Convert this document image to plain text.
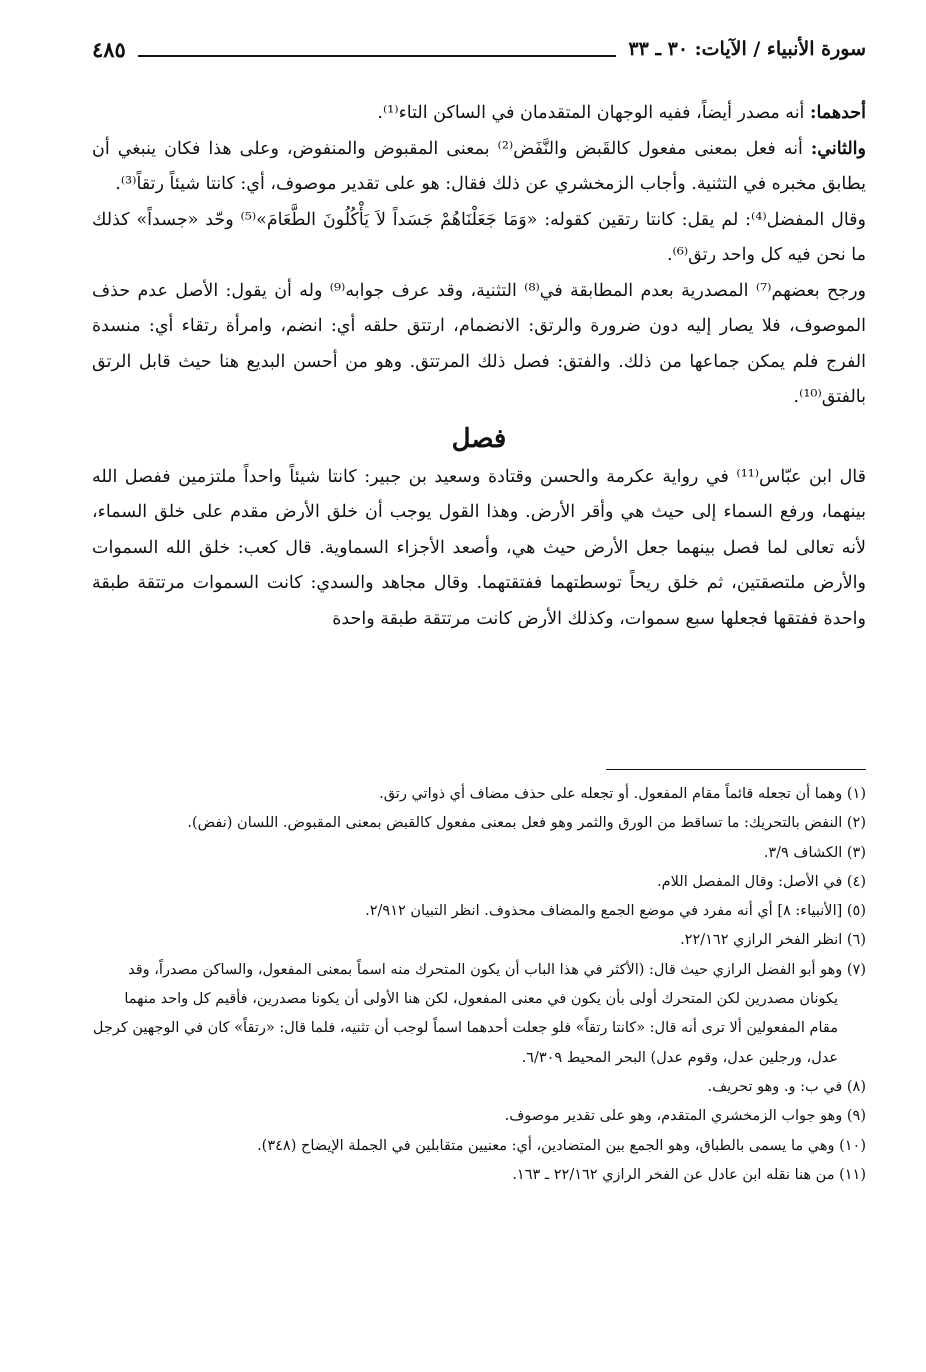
سورة الأنبياء / الآيات: ٣٠ ـ ٣٣
٤٨٥

أحدهما: أنه مصدر أيضاً، ففيه الوجهان المتقدمان في الساكن التاء⁽¹⁾.

والثاني: أنه فعل بمعنى مفعول كالقَبض والنَّفَض⁽²⁾ بمعنى المقبوض والمنفوض، وعلى هذا فكان ينبغي أن يطابق مخبره في التثنية. وأجاب الزمخشري عن ذلك فقال: هو على تقدير موصوف، أي: كانتا شيئاً رتقاً⁽³⁾.

وقال المفضل⁽⁴⁾: لم يقل: كانتا رتقين كقوله: «وَمَا جَعَلْنَاهُمْ جَسَداً لاَ يَأْكُلُونَ الطَّعَامَ»⁽⁵⁾ وحّد «جسداً» كذلك ما نحن فيه كل واحد رتق⁽⁶⁾.

ورجح بعضهم⁽⁷⁾ المصدرية بعدم المطابقة في⁽⁸⁾ التثنية، وقد عرف جوابه⁽⁹⁾ وله أن يقول: الأصل عدم حذف الموصوف، فلا يصار إليه دون ضرورة والرتق: الانضمام، ارتتق حلقه أي: انضم، وامرأة رتقاء أي: منسدة الفرج فلم يمكن جماعها من ذلك. والفتق: فصل ذلك المرتتق. وهو من أحسن البديع هنا حيث قابل الرتق بالفتق⁽¹⁰⁾.

فصل

قال ابن عبّاس⁽¹¹⁾ في رواية عكرمة والحسن وقتادة وسعيد بن جبير: كانتا شيئاً واحداً ملتزمين ففصل الله بينهما، ورفع السماء إلى حيث هي وأقر الأرض. وهذا القول يوجب أن خلق الأرض مقدم على خلق السماء، لأنه تعالى لما فصل بينهما جعل الأرض حيث هي، وأصعد الأجزاء السماوية. قال كعب: خلق الله السموات والأرض ملتصقتين، ثم خلق ريحاً توسطتهما ففتقتهما. وقال مجاهد والسدي: كانت السموات مرتتقة طبقة واحدة ففتقها فجعلها سبع سموات، وكذلك الأرض كانت مرتتقة طبقة واحدة

(١) وهما أن تجعله قائماً مقام المفعول. أو تجعله على حذف مضاف أي ذواتي رتق.

(٢) النفض بالتحريك: ما تساقط من الورق والثمر وهو فعل بمعنى مفعول كالقبض بمعنى المقبوض. اللسان (نفض).

(٣) الكشاف ٣/٩.

(٤) في الأصل: وقال المفصل اللام.

(٥) [الأنبياء: ٨] أي أنه مفرد في موضع الجمع والمضاف محذوف. انظر التبيان ٢/٩١٢.

(٦) انظر الفخر الرازي ٢٢/١٦٢.

(٧) وهو أبو الفضل الرازي حيث قال: (الأكثر في هذا الباب أن يكون المتحرك منه اسماً بمعنى المفعول، والساكن مصدراً، وقد يكونان مصدرين لكن المتحرك أولى بأن يكون في معنى المفعول، لكن هنا الأولى أن يكونا مصدرين، فأقيم كل واحد منهما مقام المفعولين ألا ترى أنه قال: «كانتا رتقاً» فلو جعلت أحدهما اسماً لوجب أن تثنيه، فلما قال: «رتقاً» كان في الوجهين كرجل عدل، ورجلين عدل، وقوم عدل) البحر المحيط ٦/٣٠٩.

(٨) في ب: و. وهو تحريف.

(٩) وهو جواب الزمخشري المتقدم، وهو على تقدير موصوف.

(١٠) وهي ما يسمى بالطباق، وهو الجمع بين المتضادين، أي: معنيين متقابلين في الجملة الإيضاح (٣٤٨).

(١١) من هنا نقله ابن عادل عن الفخر الرازي ٢٢/١٦٢ ـ ١٦٣.
